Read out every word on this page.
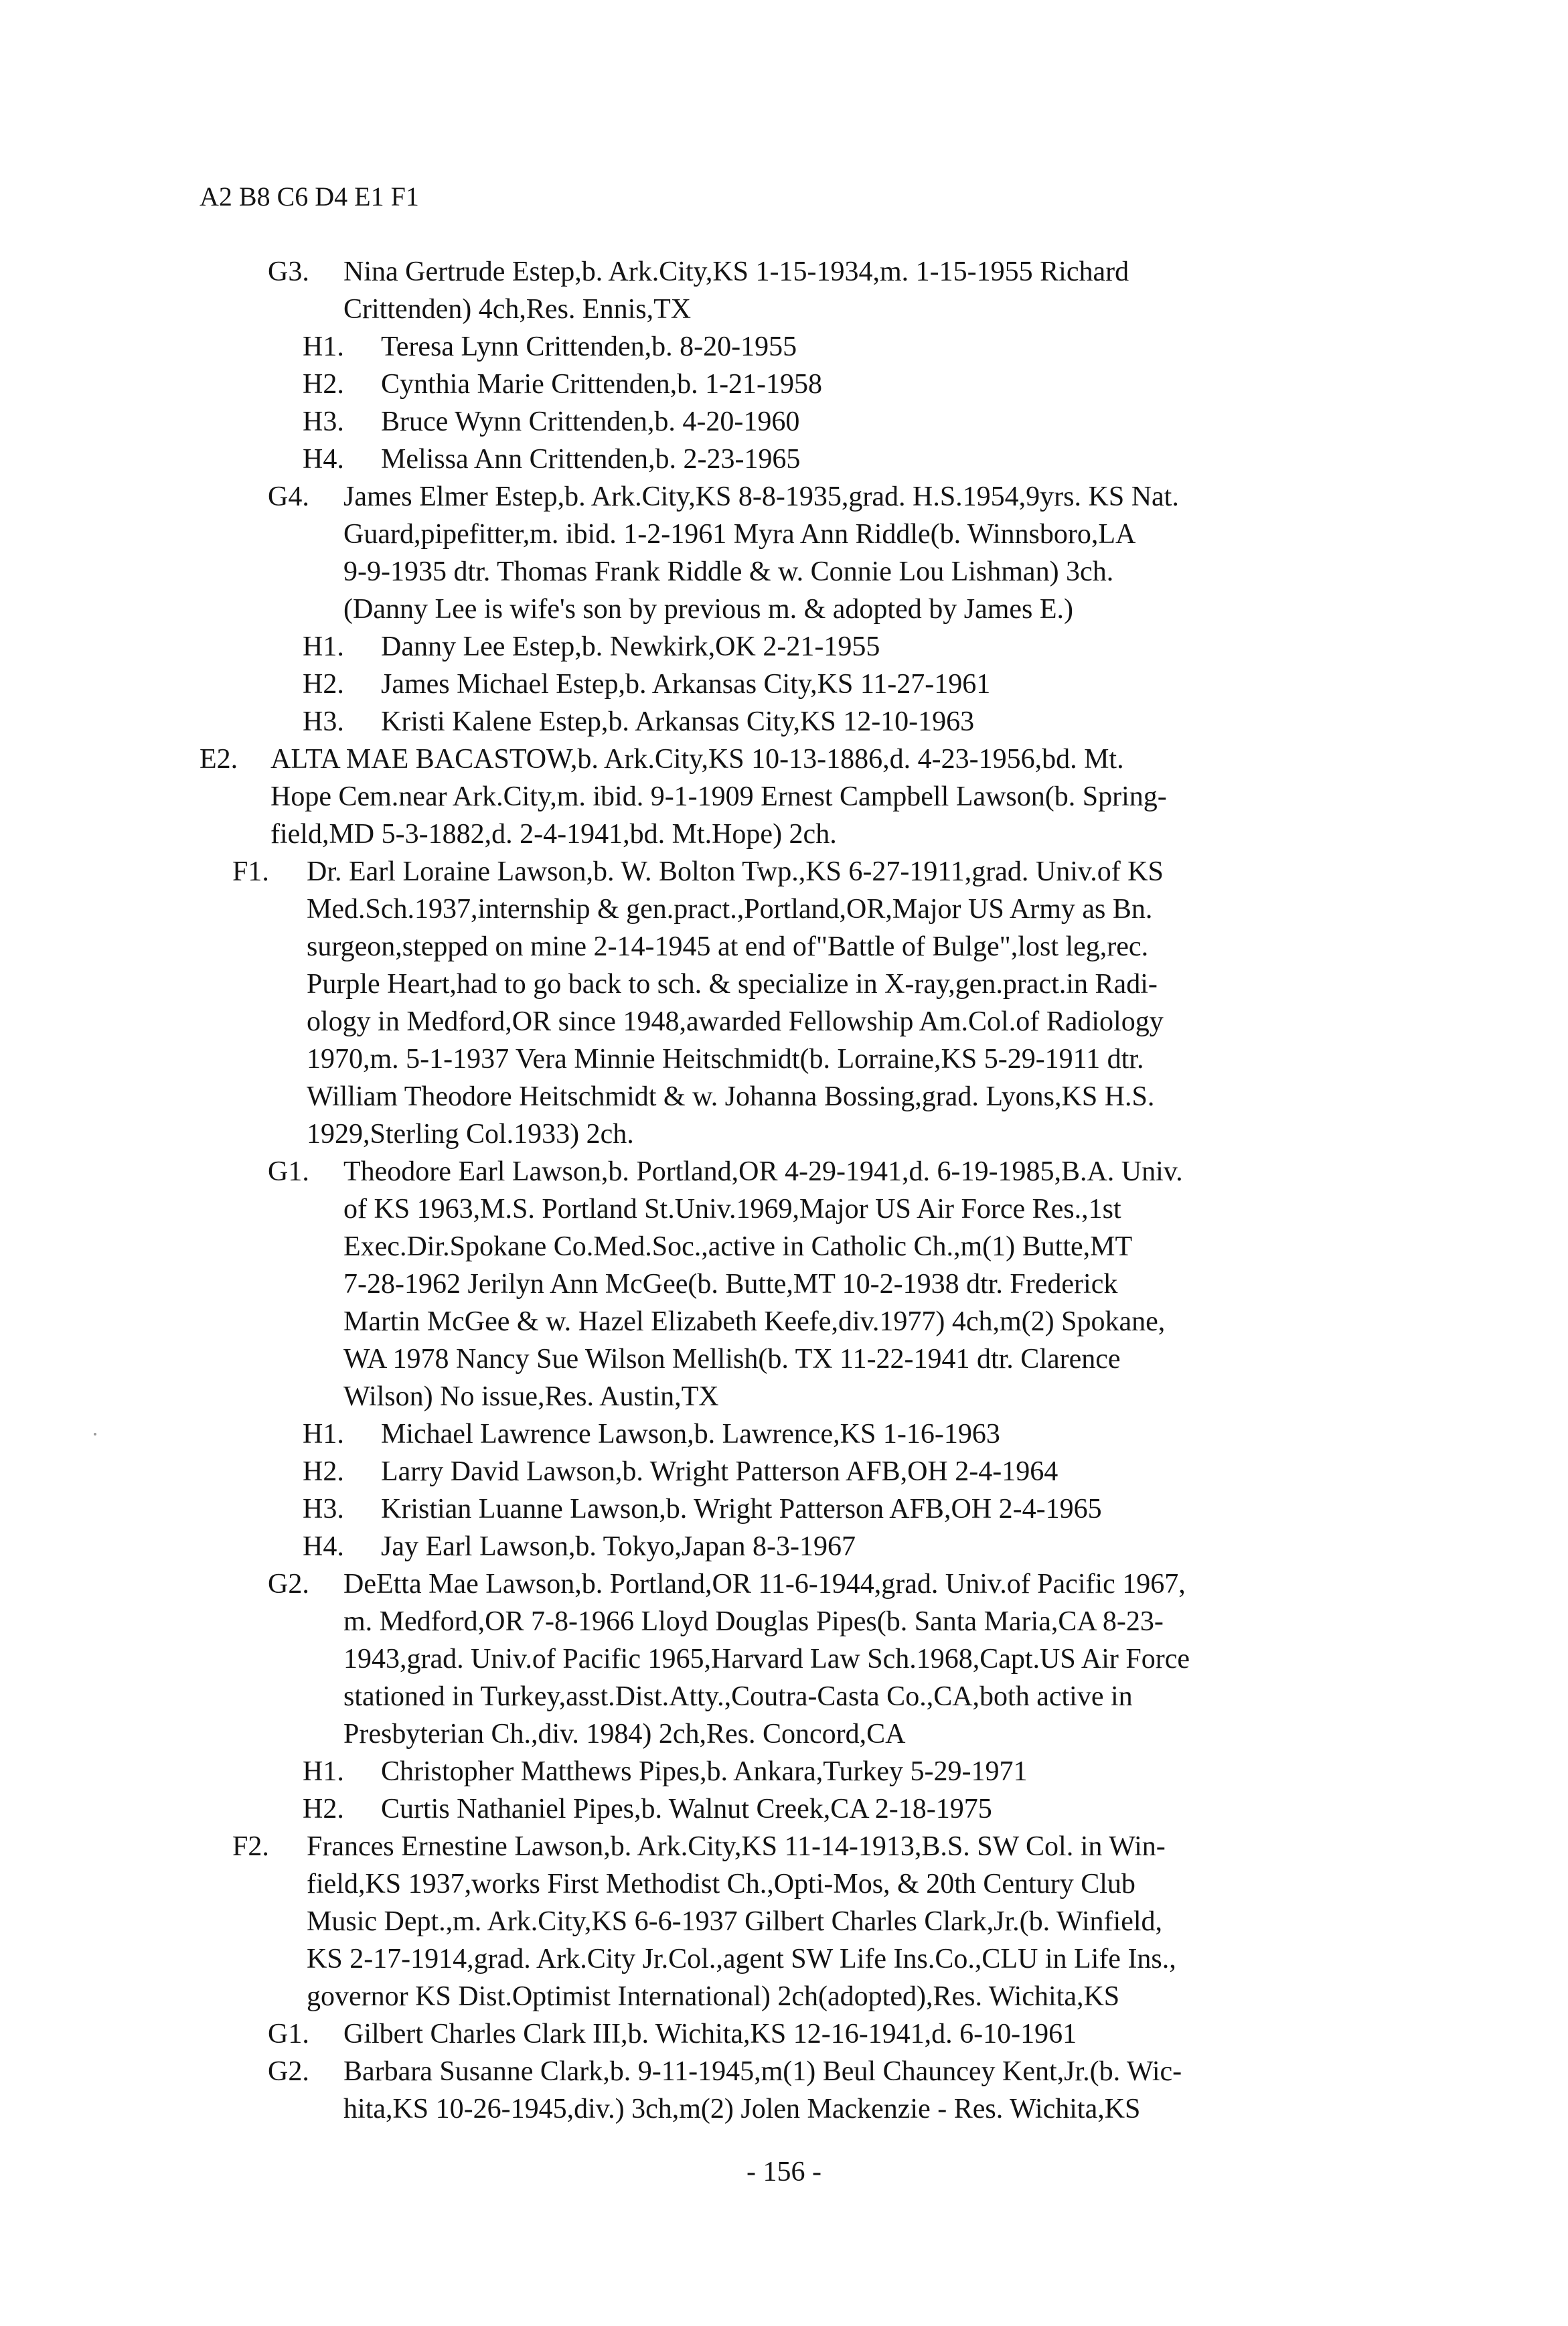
A2 B8 C6 D4 E1 F1
G3. Nina Gertrude Estep,b. Ark.City,KS 1-15-1934,m. 1-15-1955 Richard
Crittenden) 4ch,Res. Ennis,TX
H1. Teresa Lynn Crittenden,b. 8-20-1955
H2. Cynthia Marie Crittenden,b. 1-21-1958
H3. Bruce Wynn Crittenden,b. 4-20-1960
H4. Melissa Ann Crittenden,b. 2-23-1965
G4. James Elmer Estep,b. Ark.City,KS 8-8-1935,grad. H.S.1954,9yrs. KS Nat.
Guard,pipefitter,m. ibid. 1-2-1961 Myra Ann Riddle(b. Winnsboro,LA
9-9-1935 dtr. Thomas Frank Riddle & w. Connie Lou Lishman) 3ch.
(Danny Lee is wife's son by previous m. & adopted by James E.)
H1. Danny Lee Estep,b. Newkirk,OK 2-21-1955
H2. James Michael Estep,b. Arkansas City,KS 11-27-1961
H3. Kristi Kalene Estep,b. Arkansas City,KS 12-10-1963
E2. ALTA MAE BACASTOW,b. Ark.City,KS 10-13-1886,d. 4-23-1956,bd. Mt.
Hope Cem.near Ark.City,m. ibid. 9-1-1909 Ernest Campbell Lawson(b. Spring-
field,MD 5-3-1882,d. 2-4-1941,bd. Mt.Hope) 2ch.
F1. Dr. Earl Loraine Lawson,b. W. Bolton Twp.,KS 6-27-1911,grad. Univ.of KS
Med.Sch.1937,internship & gen.pract.,Portland,OR,Major US Army as Bn.
surgeon,stepped on mine 2-14-1945 at end of"Battle of Bulge",lost leg,rec.
Purple Heart,had to go back to sch. & specialize in X-ray,gen.pract.in Radi-
ology in Medford,OR since 1948,awarded Fellowship Am.Col.of Radiology
1970,m. 5-1-1937 Vera Minnie Heitschmidt(b. Lorraine,KS 5-29-1911 dtr.
William Theodore Heitschmidt & w. Johanna Bossing,grad. Lyons,KS H.S.
1929,Sterling Col.1933) 2ch.
G1. Theodore Earl Lawson,b. Portland,OR 4-29-1941,d. 6-19-1985,B.A. Univ.
of KS 1963,M.S. Portland St.Univ.1969,Major US Air Force Res.,1st
Exec.Dir.Spokane Co.Med.Soc.,active in Catholic Ch.,m(1) Butte,MT
7-28-1962 Jerilyn Ann McGee(b. Butte,MT 10-2-1938 dtr. Frederick
Martin McGee & w. Hazel Elizabeth Keefe,div.1977) 4ch,m(2) Spokane,
WA 1978 Nancy Sue Wilson Mellish(b. TX 11-22-1941 dtr. Clarence
Wilson) No issue,Res. Austin,TX
H1. Michael Lawrence Lawson,b. Lawrence,KS 1-16-1963
H2. Larry David Lawson,b. Wright Patterson AFB,OH 2-4-1964
H3. Kristian Luanne Lawson,b. Wright Patterson AFB,OH 2-4-1965
H4. Jay Earl Lawson,b. Tokyo,Japan 8-3-1967
G2. DeEtta Mae Lawson,b. Portland,OR 11-6-1944,grad. Univ.of Pacific 1967,
m. Medford,OR 7-8-1966 Lloyd Douglas Pipes(b. Santa Maria,CA 8-23-
1943,grad. Univ.of Pacific 1965,Harvard Law Sch.1968,Capt.US Air Force
stationed in Turkey,asst.Dist.Atty.,Coutra-Casta Co.,CA,both active in
Presbyterian Ch.,div. 1984) 2ch,Res. Concord,CA
H1. Christopher Matthews Pipes,b. Ankara,Turkey 5-29-1971
H2. Curtis Nathaniel Pipes,b. Walnut Creek,CA 2-18-1975
F2. Frances Ernestine Lawson,b. Ark.City,KS 11-14-1913,B.S. SW Col. in Win-
field,KS 1937,works First Methodist Ch.,Opti-Mos, & 20th Century Club
Music Dept.,m. Ark.City,KS 6-6-1937 Gilbert Charles Clark,Jr.(b. Winfield,
KS 2-17-1914,grad. Ark.City Jr.Col.,agent SW Life Ins.Co.,CLU in Life Ins.,
governor KS Dist.Optimist International) 2ch(adopted),Res. Wichita,KS
G1. Gilbert Charles Clark III,b. Wichita,KS 12-16-1941,d. 6-10-1961
G2. Barbara Susanne Clark,b. 9-11-1945,m(1) Beul Chauncey Kent,Jr.(b. Wic-
hita,KS 10-26-1945,div.) 3ch,m(2) Jolen Mackenzie - Res. Wichita,KS
- 156 -
